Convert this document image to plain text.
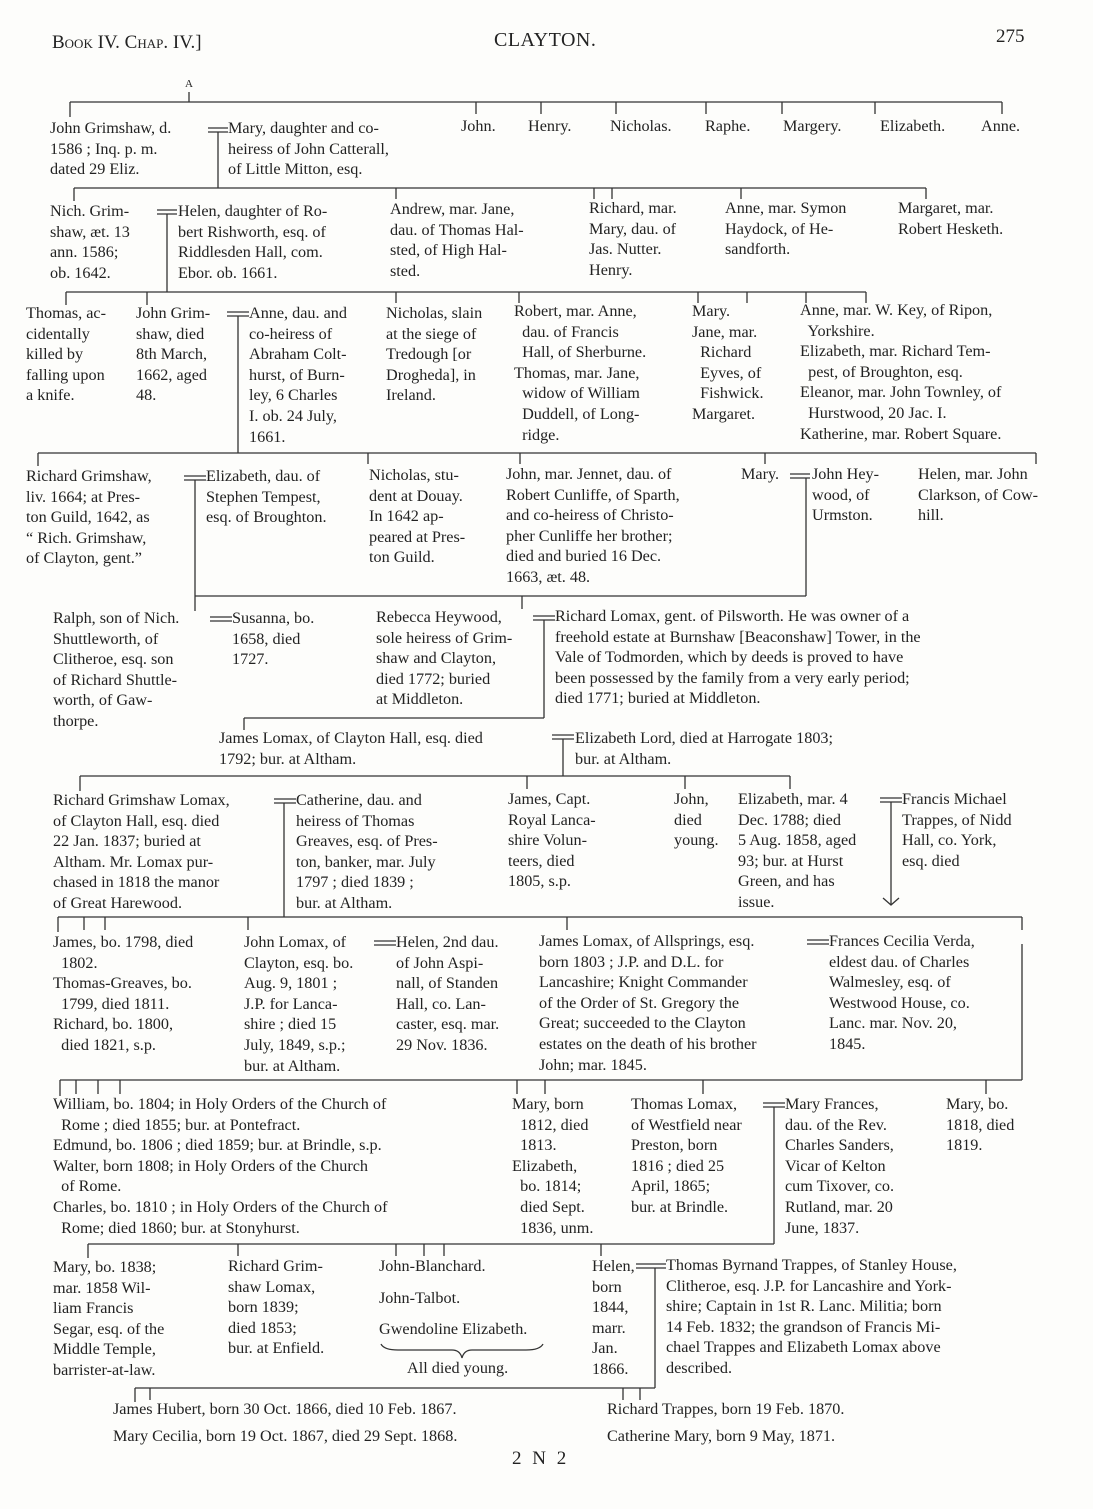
Book IV. Chap. IV.]	CLAYTON.	275
A
John Grimshaw, d.
1586 ; Inq. p. m.
dated 29 Eliz.
Mary, daughter and co-
heiress of John Catterall,
of Little Mitton, esq.
John. Henry. Nicholas. Raphe. Margery. Elizabeth. Anne.
Nich. Grim-
shaw, æt. 13
ann. 1586;
ob. 1642.
Helen, daughter of Ro-
bert Rishworth, esq. of
Riddlesden Hall, com.
Ebor. ob. 1661.
Andrew, mar. Jane,
dau. of Thomas Hal-
sted, of High Hal-
sted.
Richard, mar.
Mary, dau. of
Jas. Nutter.
Henry.
Anne, mar. Symon
Haydock, of He-
sandforth.
Margaret, mar.
Robert Hesketh.
Thomas, ac-
cidentally
killed by
falling upon
a knife.
John Grim-
shaw, died
8th March,
1662, aged
48.
Anne, dau. and
co-heiress of
Abraham Colt-
hurst, of Burn-
ley, 6 Charles
I. ob. 24 July,
1661.
Nicholas, slain
at the siege of
Tredough [or
Drogheda], in
Ireland.
Robert, mar. Anne,
dau. of Francis
Hall, of Sherburne.
Thomas, mar. Jane,
widow of William
Duddell, of Long-
ridge.
Mary.
Jane, mar.
Richard
Eyves, of
Fishwick.
Margaret.
Anne, mar. W. Key, of Ripon,
Yorkshire.
Elizabeth, mar. Richard Tem-
pest, of Broughton, esq.
Eleanor, mar. John Townley, of
Hurstwood, 20 Jac. I.
Katherine, mar. Robert Square.
Richard Grimshaw,
liv. 1664; at Pres-
ton Guild, 1642, as
“ Rich. Grimshaw,
of Clayton, gent.”
Elizabeth, dau. of
Stephen Tempest,
esq. of Broughton.
Nicholas, stu-
dent at Douay.
In 1642 ap-
peared at Pres-
ton Guild.
John, mar. Jennet, dau. of
Robert Cunliffe, of Sparth,
and co-heiress of Christo-
pher Cunliffe her brother;
died and buried 16 Dec.
1663, æt. 48.
Mary. John Hey-
wood, of
Urmston.
Helen, mar. John
Clarkson, of Cow-
hill.
Ralph, son of Nich.
Shuttleworth, of
Clitheroe, esq. son
of Richard Shuttle-
worth, of Gaw-
thorpe.
Susanna, bo.
1658, died
1727.
Rebecca Heywood,
sole heiress of Grim-
shaw and Clayton,
died 1772; buried
at Middleton.
Richard Lomax, gent. of Pilsworth. He was owner of a
freehold estate at Burnshaw [Beaconshaw] Tower, in the
Vale of Todmorden, which by deeds is proved to have
been possessed by the family from a very early period;
died 1771; buried at Middleton.
James Lomax, of Clayton Hall, esq. died
1792; bur. at Altham.
Elizabeth Lord, died at Harrogate 1803;
bur. at Altham.
Richard Grimshaw Lomax,
of Clayton Hall, esq. died
22 Jan. 1837; buried at
Altham. Mr. Lomax pur-
chased in 1818 the manor
of Great Harewood.
Catherine, dau. and
heiress of Thomas
Greaves, esq. of Pres-
ton, banker, mar. July
1797 ; died 1839 ;
bur. at Altham.
James, Capt.
Royal Lanca-
shire Volun-
teers, died
1805, s.p.
John,
died
young.
Elizabeth, mar. 4
Dec. 1788; died
5 Aug. 1858, aged
93; bur. at Hurst
Green, and has
issue.
Francis Michael
Trappes, of Nidd
Hall, co. York,
esq. died
James, bo. 1798, died
1802.
Thomas-Greaves, bo.
1799, died 1811.
Richard, bo. 1800,
died 1821, s.p.
John Lomax, of
Clayton, esq. bo.
Aug. 9, 1801 ;
J.P. for Lanca-
shire ; died 15
July, 1849, s.p.;
bur. at Altham.
Helen, 2nd dau.
of John Aspi-
nall, of Standen
Hall, co. Lan-
caster, esq. mar.
29 Nov. 1836.
James Lomax, of Allsprings, esq.
born 1803 ; J.P. and D.L. for
Lancashire; Knight Commander
of the Order of St. Gregory the
Great; succeeded to the Clayton
estates on the death of his brother
John; mar. 1845.
Frances Cecilia Verda,
eldest dau. of Charles
Walmesley, esq. of
Westwood House, co.
Lanc. mar. Nov. 20,
1845.
William, bo. 1804; in Holy Orders of the Church of
Rome ; died 1855; bur. at Pontefract.
Edmund, bo. 1806 ; died 1859; bur. at Brindle, s.p.
Walter, born 1808; in Holy Orders of the Church
of Rome.
Charles, bo. 1810 ; in Holy Orders of the Church of
Rome; died 1860; bur. at Stonyhurst.
Mary, born
1812, died
1813.
Elizabeth,
bo. 1814;
died Sept.
1836, unm.
Thomas Lomax,
of Westfield near
Preston, born
1816 ; died 25
April, 1865;
bur. at Brindle.
Mary Frances,
dau. of the Rev.
Charles Sanders,
Vicar of Kelton
cum Tixover, co.
Rutland, mar. 20
June, 1837.
Mary, bo.
1818, died
1819.
Mary, bo. 1838;
mar. 1858 Wil-
liam Francis
Segar, esq. of the
Middle Temple,
barrister-at-law.
Richard Grim-
shaw Lomax,
born 1839;
died 1853;
bur. at Enfield.
John-Blanchard.
John-Talbot.
Gwendoline Elizabeth.
All died young.
Helen,
born
1844,
marr.
Jan.
1866.
Thomas Byrnand Trappes, of Stanley House,
Clitheroe, esq. J.P. for Lancashire and York-
shire; Captain in 1st R. Lanc. Militia; born
14 Feb. 1832; the grandson of Francis Mi-
chael Trappes and Elizabeth Lomax above
described.
James Hubert, born 30 Oct. 1866, died 10 Feb. 1867.
Mary Cecilia, born 19 Oct. 1867, died 29 Sept. 1868.
Richard Trappes, born 19 Feb. 1870.
Catherine Mary, born 9 May, 1871.
2 N 2
